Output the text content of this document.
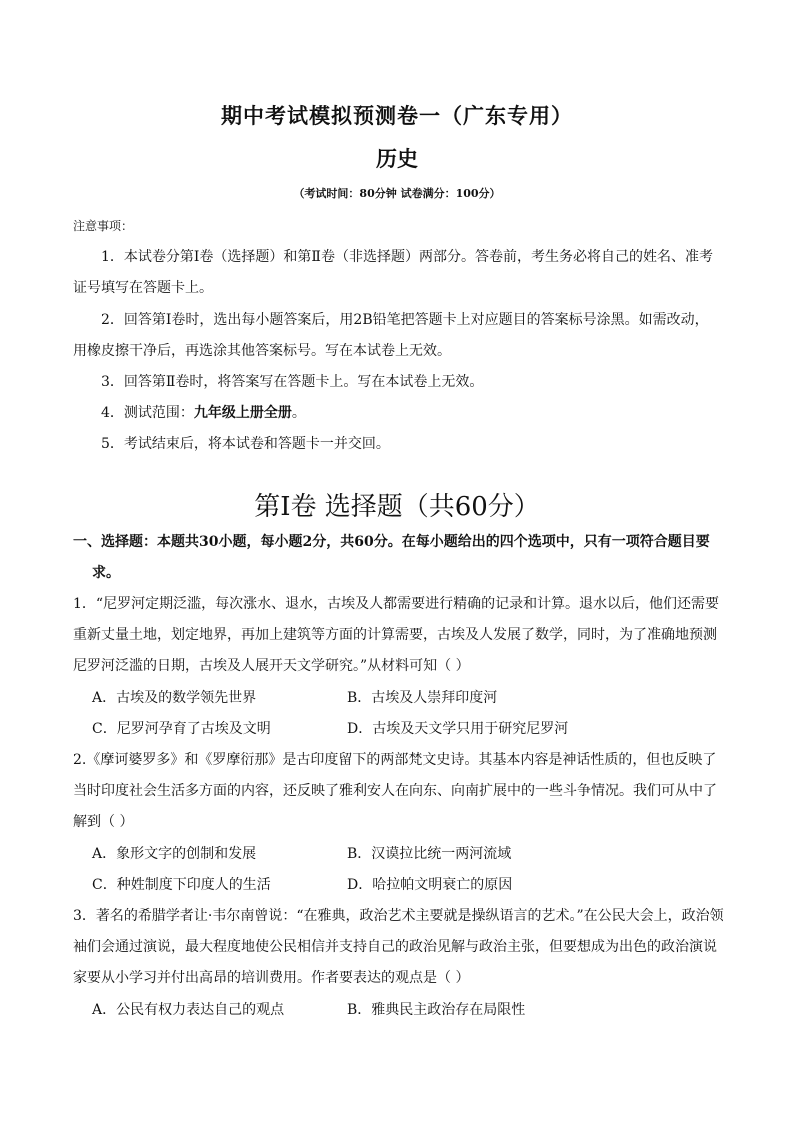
期中考试模拟预测卷一（广东专用）
历史
（考试时间：80分钟 试卷满分：100分）
注意事项：
1．本试卷分第Ⅰ卷（选择题）和第Ⅱ卷（非选择题）两部分。答卷前，考生务必将自己的姓名、准考
证号填写在答题卡上。
2．回答第Ⅰ卷时，选出每小题答案后，用2B铅笔把答题卡上对应题目的答案标号涂黑。如需改动，
用橡皮擦干净后，再选涂其他答案标号。写在本试卷上无效。
3．回答第Ⅱ卷时，将答案写在答题卡上。写在本试卷上无效。
4．测试范围：九年级上册全册。
5．考试结束后，将本试卷和答题卡一并交回。
第Ⅰ卷 选择题（共60分）
一、选择题：本题共30小题，每小题2分，共60分。在每小题给出的四个选项中，只有一项符合题目要
求。
1．“尼罗河定期泛滥，每次涨水、退水，古埃及人都需要进行精确的记录和计算。退水以后，他们还需要
重新丈量土地，划定地界，再加上建筑等方面的计算需要，古埃及人发展了数学，同时，为了准确地预测
尼罗河泛滥的日期，古埃及人展开天文学研究。”从材料可知（ ）
A．古埃及的数学领先世界	B．古埃及人崇拜印度河
C．尼罗河孕育了古埃及文明	D．古埃及天文学只用于研究尼罗河
2.《摩诃婆罗多》和《罗摩衍那》是古印度留下的两部梵文史诗。其基本内容是神话性质的，但也反映了
当时印度社会生活多方面的内容，还反映了雅利安人在向东、向南扩展中的一些斗争情况。我们可从中了
解到（ ）
A．象形文字的创制和发展	B．汉谟拉比统一两河流域
C．种姓制度下印度人的生活	D．哈拉帕文明衰亡的原因
3．著名的希腊学者让·韦尔南曾说：“在雅典，政治艺术主要就是操纵语言的艺术。”在公民大会上，政治领
袖们会通过演说，最大程度地使公民相信并支持自己的政治见解与政治主张，但要想成为出色的政治演说
家要从小学习并付出高昂的培训费用。作者要表达的观点是（ ）
A．公民有权力表达自己的观点	B．雅典民主政治存在局限性
